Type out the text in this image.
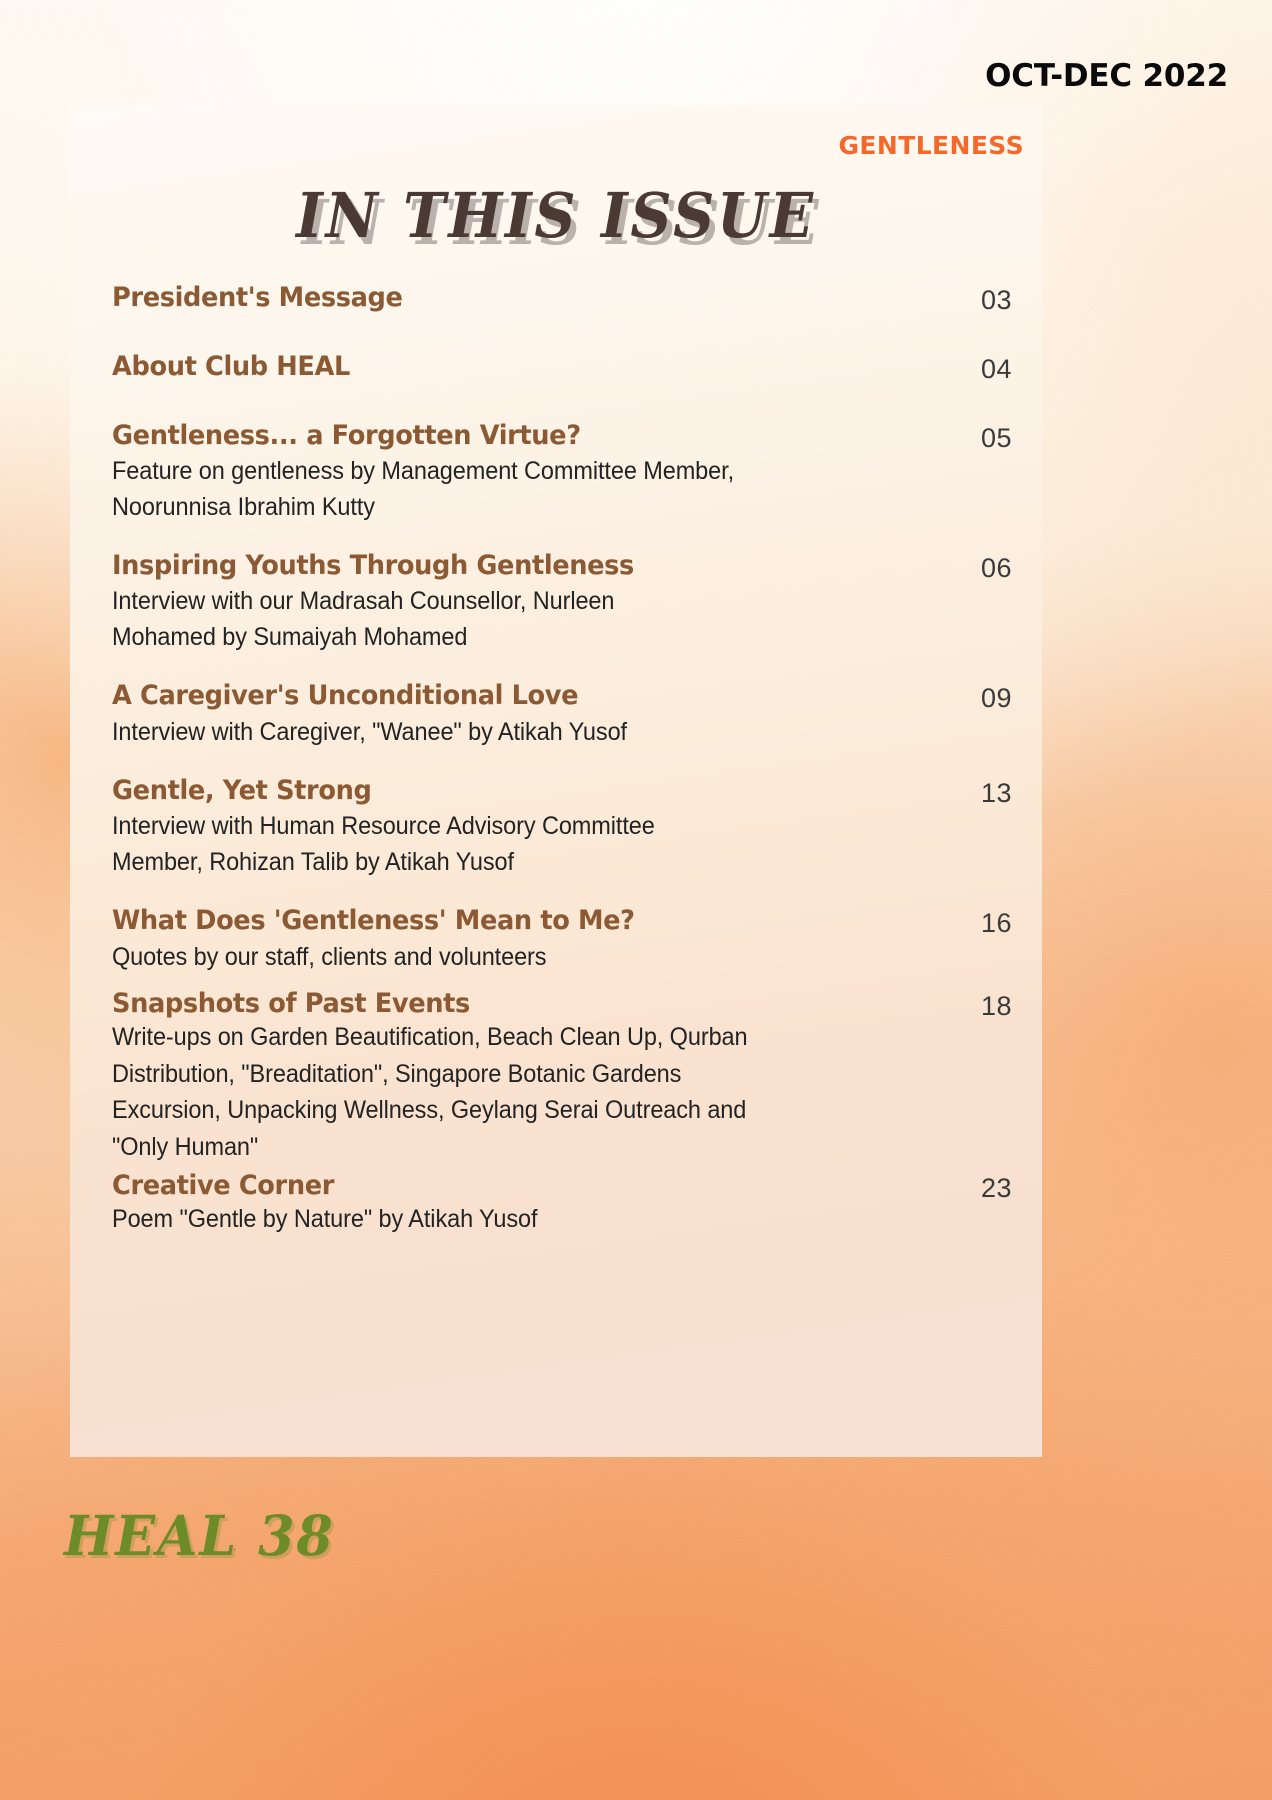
OCT-DEC 2022
GENTLENESS
IN THIS ISSUE
President's Message	03
About Club HEAL	04
Gentleness... a Forgotten Virtue?
Feature on gentleness by Management Committee Member, Noorunnisa Ibrahim Kutty
05
Inspiring Youths Through Gentleness
Interview with our Madrasah Counsellor, Nurleen Mohamed by Sumaiyah Mohamed
06
A Caregiver's Unconditional Love
Interview with Caregiver, "Wanee" by Atikah Yusof
09
Gentle, Yet Strong
Interview with Human Resource Advisory Committee Member, Rohizan Talib by Atikah Yusof
13
What Does 'Gentleness' Mean to Me?
Quotes by our staff, clients and volunteers
16
Snapshots of Past Events
Write-ups on Garden Beautification, Beach Clean Up, Qurban Distribution, "Breaditation", Singapore Botanic Gardens Excursion, Unpacking Wellness, Geylang Serai Outreach and "Only Human"
18
Creative Corner
Poem "Gentle by Nature" by Atikah Yusof
23
HEAL 38
